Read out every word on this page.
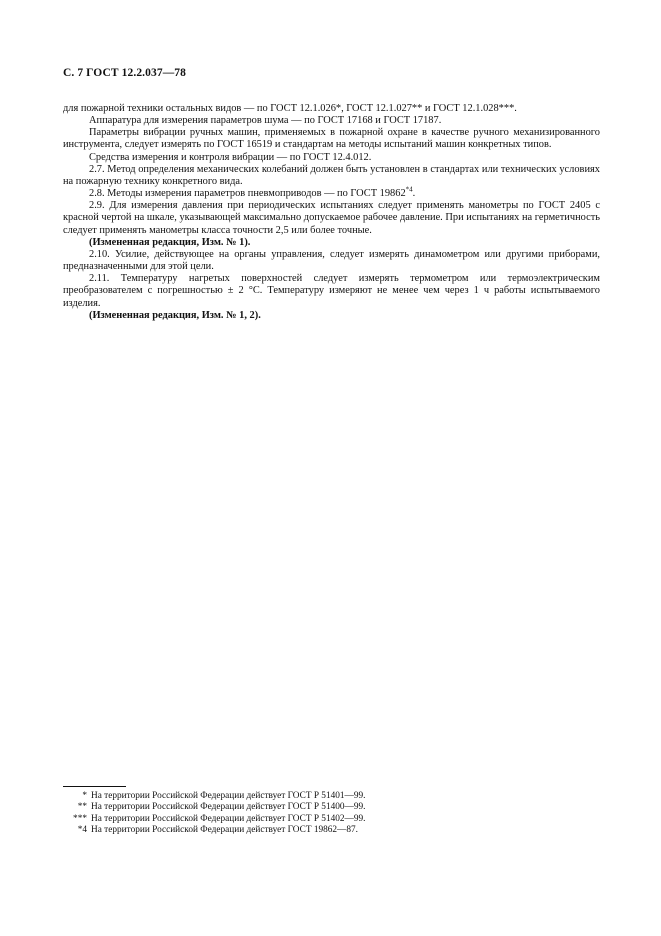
С. 7 ГОСТ 12.2.037—78

для пожарной техники остальных видов — по ГОСТ 12.1.026*, ГОСТ 12.1.027** и ГОСТ 12.1.028***.

Аппаратура для измерения параметров шума — по ГОСТ 17168 и ГОСТ 17187.

Параметры вибрации ручных машин, применяемых в пожарной охране в качестве ручного механизированного инструмента, следует измерять по ГОСТ 16519 и стандартам на методы испытаний машин конкретных типов.

Средства измерения и контроля вибрации — по ГОСТ 12.4.012.

2.7. Метод определения механических колебаний должен быть установлен в стандартах или технических условиях на пожарную технику конкретного вида.

2.8. Методы измерения параметров пневмоприводов — по ГОСТ 19862$^{*4}$.

2.9. Для измерения давления при периодических испытаниях следует применять манометры по ГОСТ 2405 с красной чертой на шкале, указывающей максимально допускаемое рабочее давление. При испытаниях на герметичность следует применять манометры класса точности 2,5 или более точные.

(Измененная редакция, Изм. № 1).

2.10. Усилие, действующее на органы управления, следует измерять динамометром или другими приборами, предназначенными для этой цели.

2.11. Температуру нагретых поверхностей следует измерять термометром или термоэлектрическим преобразователем с погрешностью ± 2 °С. Температуру измеряют не менее чем через 1 ч работы испытываемого изделия.

(Измененная редакция, Изм. № 1, 2).

* На территории Российской Федерации действует ГОСТ Р 51401—99.
** На территории Российской Федерации действует ГОСТ Р 51400—99.
*** На территории Российской Федерации действует ГОСТ Р 51402—99.
*4 На территории Российской Федерации действует ГОСТ 19862—87.
